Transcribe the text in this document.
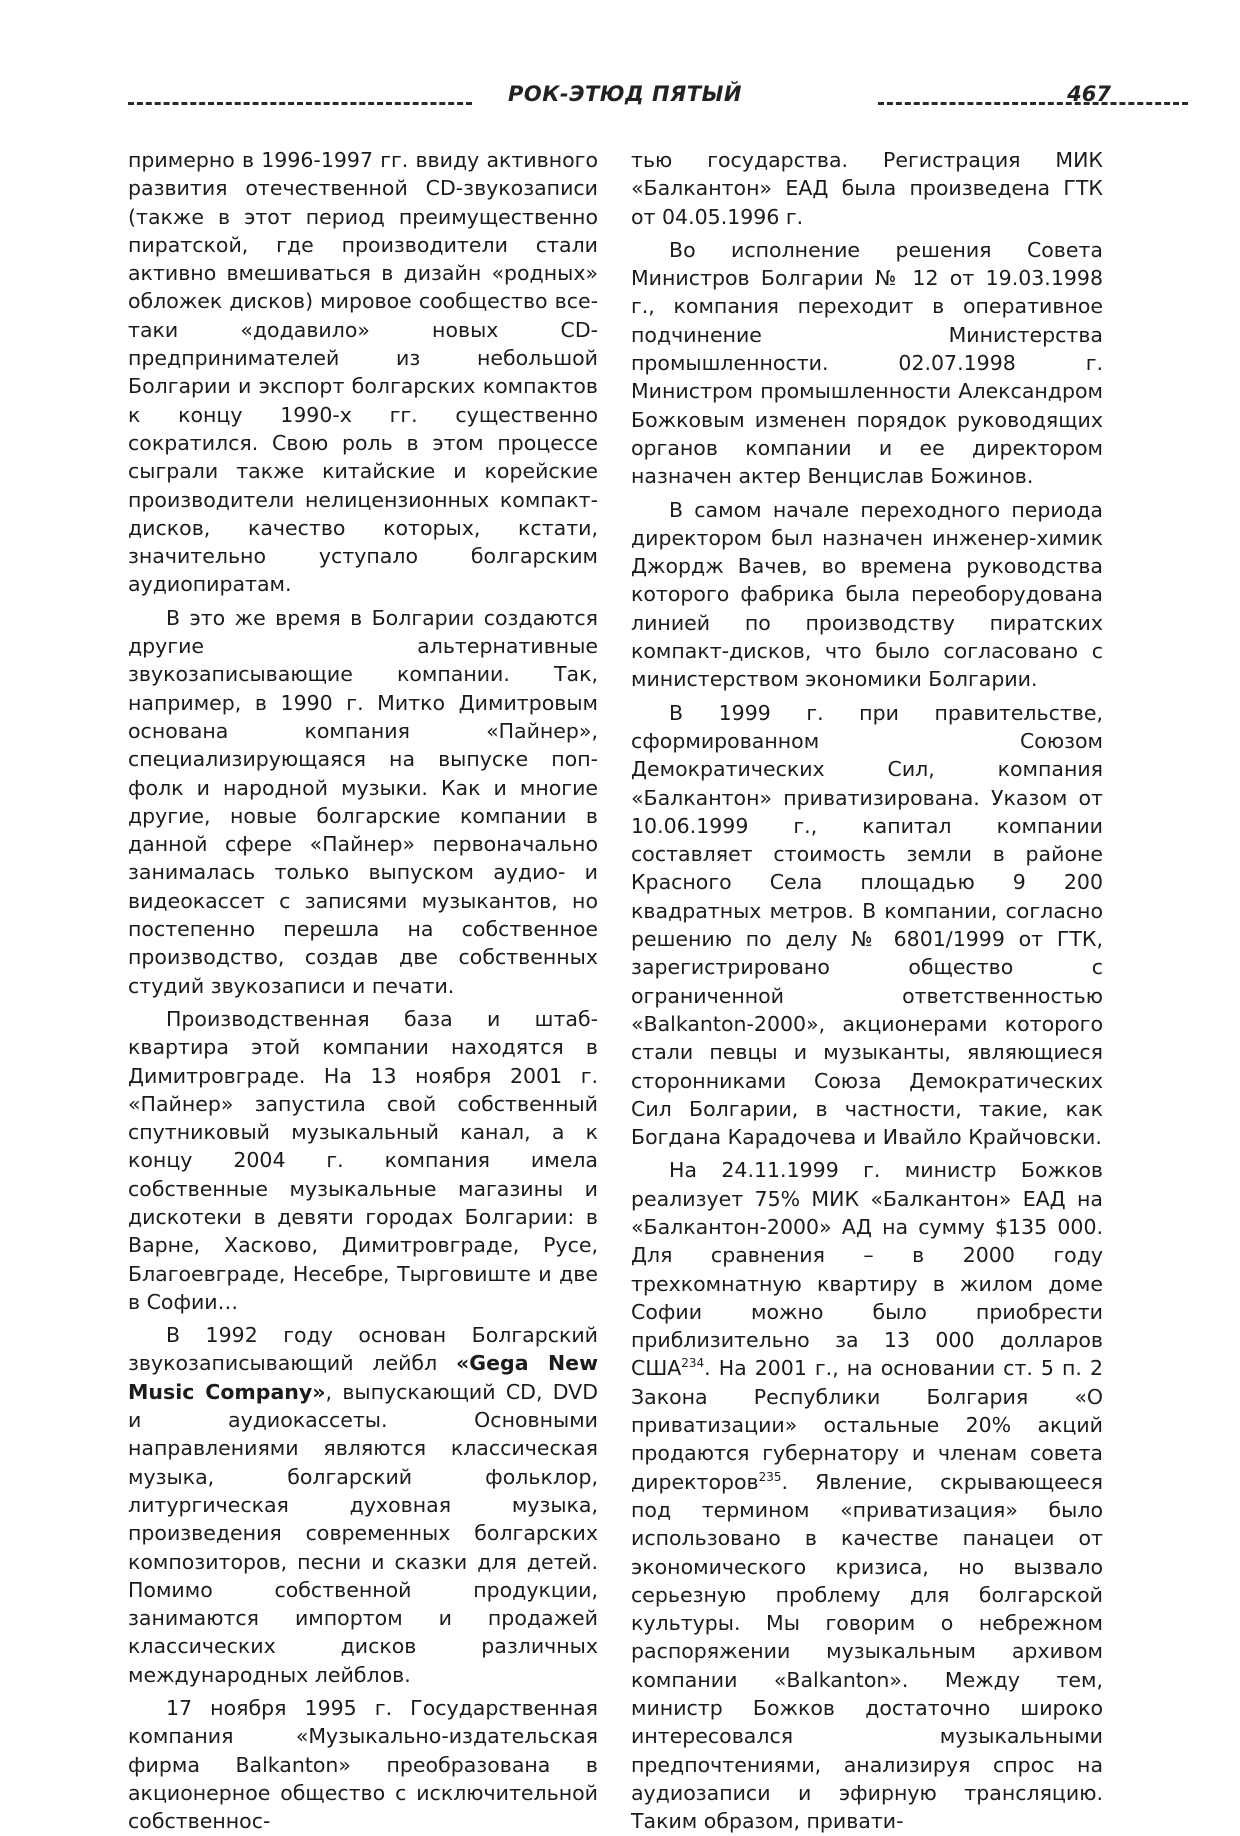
РОК-ЭТЮД ПЯТЫЙ	467

примерно в 1996-1997 гг. ввиду активного развития отечественной CD-звукозаписи (также в этот период преимущественно пиратской, где производители стали активно вмешиваться в дизайн «родных» обложек дисков) мировое сообщество все-таки «додавило» новых CD-предпринимателей из небольшой Болгарии и экспорт болгарских компактов к концу 1990-х гг. существенно сократился. Свою роль в этом процессе сыграли также китайские и корейские производители нелицензионных компакт-дисков, качество которых, кстати, значительно уступало болгарским аудиопиратам.

В это же время в Болгарии создаются другие альтернативные звукозаписывающие компании. Так, например, в 1990 г. Митко Димитровым основана компания «Пайнер», специализирующаяся на выпуске поп-фолк и народной музыки. Как и многие другие, новые болгарские компании в данной сфере «Пайнер» первоначально занималась только выпуском аудио- и видеокассет с записями музыкантов, но постепенно перешла на собственное производство, создав две собственных студий звукозаписи и печати.

Производственная база и штаб-квартира этой компании находятся в Димитровграде. На 13 ноября 2001 г. «Пайнер» запустила свой собственный спутниковый музыкальный канал, а к концу 2004 г. компания имела собственные музыкальные магазины и дискотеки в девяти городах Болгарии: в Варне, Хасково, Димитровграде, Русе, Благоевграде, Несебре, Тырговиште и две в Софии…

В 1992 году основан Болгарский звукозаписывающий лейбл «Gega New Music Company», выпускающий CD, DVD и аудиокассеты. Основными направлениями являются классическая музыка, болгарский фольклор, литургическая духовная музыка, произведения современных болгарских композиторов, песни и сказки для детей. Помимо собственной продукции, занимаются импортом и продажей классических дисков различных международных лейблов.

17 ноября 1995 г. Государственная компания «Музыкально-издательская фирма Balkanton» преобразована в акционерное общество с исключительной собственнос-

тью государства. Регистрация МИК «Балкантон» ЕАД была произведена ГТК от 04.05.1996 г.

Во исполнение решения Совета Министров Болгарии № 12 от 19.03.1998 г., компания переходит в оперативное подчинение Министерства промышленности. 02.07.1998 г. Министром промышленности Александром Божковым изменен порядок руководящих органов компании и ее директором назначен актер Венцислав Божинов.

В самом начале переходного периода директором был назначен инженер-химик Джордж Вачев, во времена руководства которого фабрика была переоборудована линией по производству пиратских компакт-дисков, что было согласовано с министерством экономики Болгарии.

В 1999 г. при правительстве, сформированном Союзом Демократических Сил, компания «Балкантон» приватизирована. Указом от 10.06.1999 г., капитал компании составляет стоимость земли в районе Красного Села площадью 9 200 квадратных метров. В компании, согласно решению по делу № 6801/1999 от ГТК, зарегистрировано общество с ограниченной ответственностью «Balkanton-2000», акционерами которого стали певцы и музыканты, являющиеся сторонниками Союза Демократических Сил Болгарии, в частности, такие, как Богдана Карадочева и Ивайло Крайчовски.

На 24.11.1999 г. министр Божков реализует 75% МИК «Балкантон» ЕАД на «Балкантон-2000» АД на сумму $135 000. Для сравнения – в 2000 году трехкомнатную квартиру в жилом доме Софии можно было приобрести приблизительно за 13 000 долларов США$^{234}$. На 2001 г., на основании ст. 5 п. 2 Закона Республики Болгария «О приватизации» остальные 20% акций продаются губернатору и членам совета директоров$^{235}$. Явление, скрывающееся под термином «приватизация» было использовано в качестве панацеи от экономического кризиса, но вызвало серьезную проблему для болгарской культуры. Мы говорим о небрежном распоряжении музыкальным архивом компании «Balkanton». Между тем, министр Божков достаточно широко интересовался музыкальными предпочтениями, анализируя спрос на аудиозаписи и эфирную трансляцию. Таким образом, привати-
